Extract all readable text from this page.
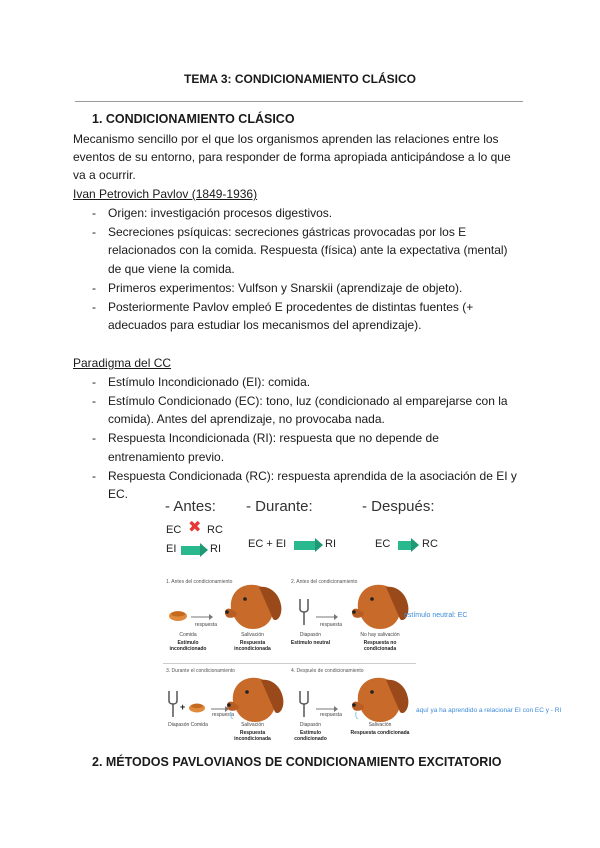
TEMA 3: CONDICIONAMIENTO CLÁSICO
1. CONDICIONAMIENTO CLÁSICO
Mecanismo sencillo por el que los organismos aprenden las relaciones entre los
eventos de su entorno, para responder de forma apropiada anticipándose a lo que
va a ocurrir.
Ivan Petrovich Pavlov (1849-1936)
- Origen: investigación procesos digestivos.
- Secreciones psíquicas: secreciones gástricas provocadas por los E relacionados con la comida. Respuesta (física) ante la expectativa (mental) de que viene la comida.
- Primeros experimentos: Vulfson y Snarskii (aprendizaje de objeto).
- Posteriormente Pavlov empleó E procedentes de distintas fuentes (+ adecuados para estudiar los mecanismos del aprendizaje).
Paradigma del CC
- Estímulo Incondicionado (EI): comida.
- Estímulo Condicionado (EC): tono, luz (condicionado al emparejarse con la comida). Antes del aprendizaje, no provocaba nada.
- Respuesta Incondicionada (RI): respuesta que no depende de entrenamiento previo.
- Respuesta Condicionada (RC): respuesta aprendida de la asociación de EI y EC.
- Antes: - Durante:	- Después:
EC ✖ RC
EI	RI EC + EI	RI	EC	RC
1. Antes del condicionamiento
respuesta
Comida	Salivación
Estímulo incondicionado
Respuesta incondicionada
2. Antes del condicionamiento
respuesta
Diapasón	No hay salivación
Estímulo neutral	Respuesta no condicionada
3. Durante el condicionamiento
+
respuesta
Diapasón Comida	Salivación
Respuesta incondicionada
4. Después de condicionamiento
respuesta
Diapasón	Salivación
Estímulo condicionado
Respuesta condicionada
estímulo neutral: EC
aquí ya ha aprendido a relacionar EI con EC y - RI
2. MÉTODOS PAVLOVIANOS DE CONDICIONAMIENTO EXCITATORIO
